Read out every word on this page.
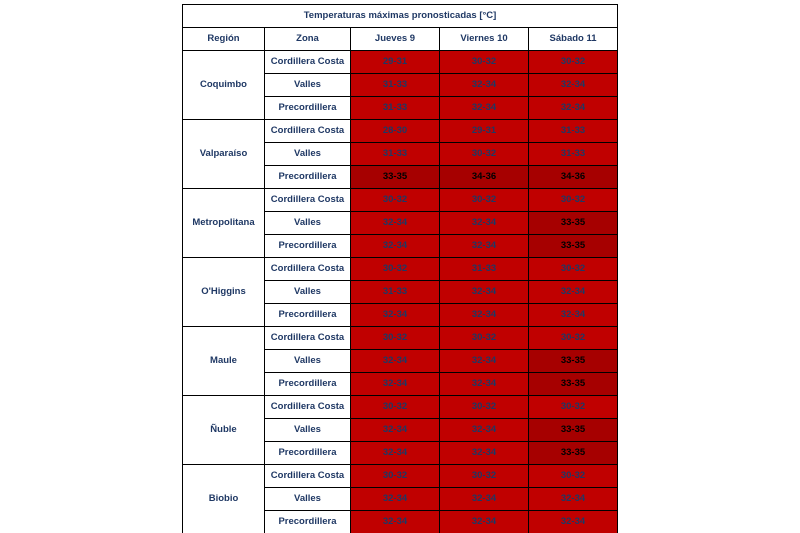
Temperaturas máximas pronosticadas [°C]				
Región	Zona	Jueves 9	Viernes 10	Sábado 11
Coquimbo	Cordillera Costa	29-31	30-32	30-32
	Valles	31-33	32-34	32-34
	Precordillera	31-33	32-34	32-34
Valparaíso	Cordillera Costa	28-30	29-31	31-33
	Valles	31-33	30-32	31-33
	Precordillera	33-35	34-36	34-36
Metropolitana	Cordillera Costa	30-32	30-32	30-32
	Valles	32-34	32-34	33-35
	Precordillera	32-34	32-34	33-35
O'Higgins	Cordillera Costa	30-32	31-33	30-32
	Valles	31-33	32-34	32-34
	Precordillera	32-34	32-34	32-34
Maule	Cordillera Costa	30-32	30-32	30-32
	Valles	32-34	32-34	33-35
	Precordillera	32-34	32-34	33-35
Ñuble	Cordillera Costa	30-32	30-32	30-32
	Valles	32-34	32-34	33-35
	Precordillera	32-34	32-34	33-35
Biobio	Cordillera Costa	30-32	30-32	30-32
	Valles	32-34	32-34	32-34
	Precordillera	32-34	32-34	32-34
